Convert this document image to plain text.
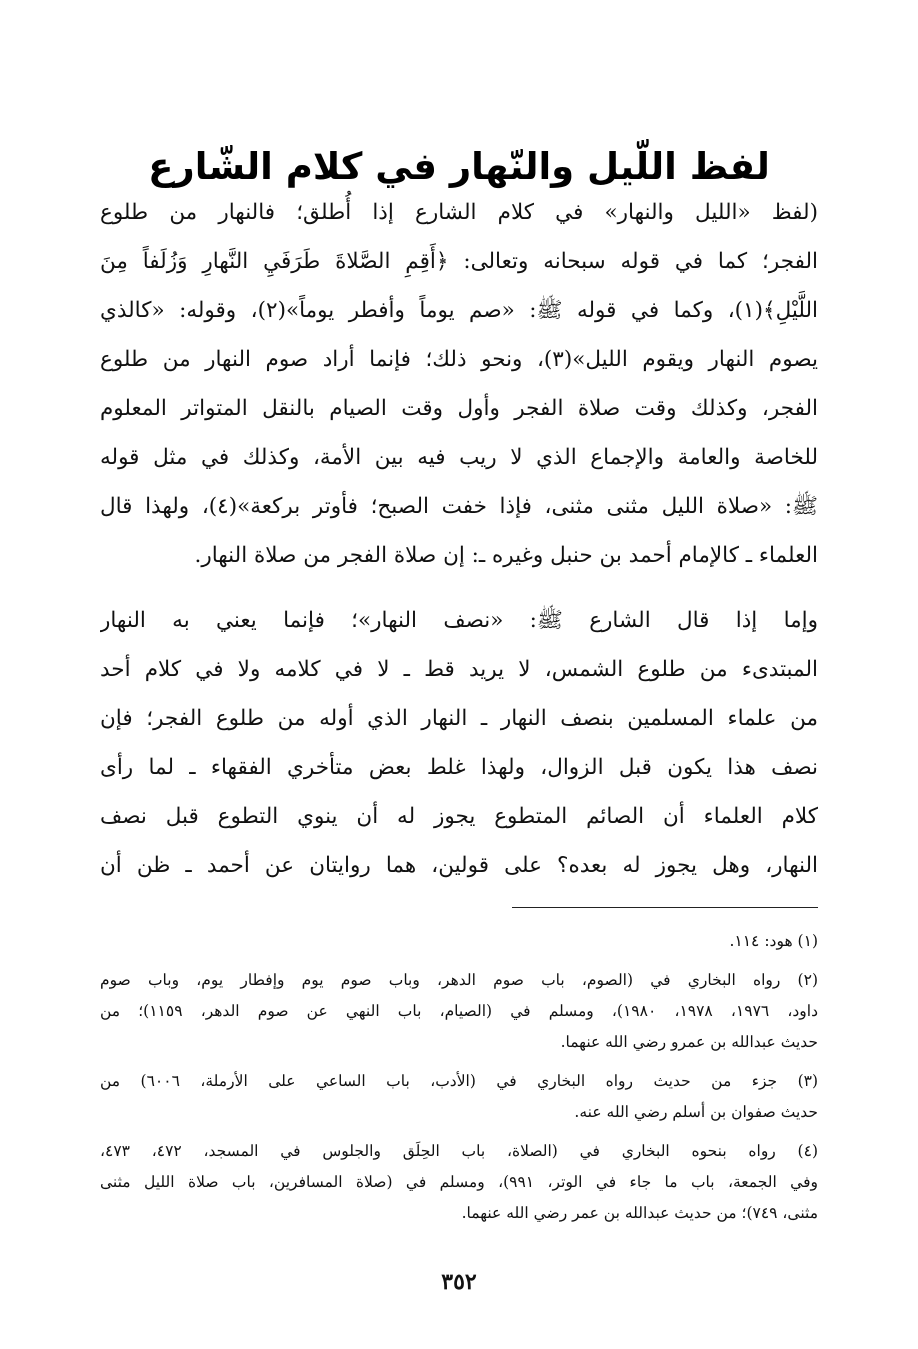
لفظ اللّيل والنّهار في كلام الشّارع

(لفظ «الليل والنهار» في كلام الشارع إذا أُطلق؛ فالنهار من طلوع
الفجر؛ كما في قوله سبحانه وتعالى: ﴿أَقِمِ الصَّلاةَ طَرَفَيِ النَّهارِ وَزُلَفاً مِنَ
اللَّيْلِ﴾(١)، وكما في قوله ﷺ: «صم يوماً وأفطر يوماً»(٢)، وقوله: «كالذي
يصوم النهار ويقوم الليل»(٣)، ونحو ذلك؛ فإنما أراد صوم النهار من طلوع
الفجر، وكذلك وقت صلاة الفجر وأول وقت الصيام بالنقل المتواتر المعلوم
للخاصة والعامة والإجماع الذي لا ريب فيه بين الأمة، وكذلك في مثل قوله
ﷺ: «صلاة الليل مثنى مثنى، فإذا خفت الصبح؛ فأوتر بركعة»(٤)، ولهذا قال
العلماء ـ كالإمام أحمد بن حنبل وغيره ـ: إن صلاة الفجر من صلاة النهار.

وإما إذا قال الشارع ﷺ: «نصف النهار»؛ فإنما يعني به النهار
المبتدىء من طلوع الشمس، لا يريد قط ـ لا في كلامه ولا في كلام أحد
من علماء المسلمين بنصف النهار ـ النهار الذي أوله من طلوع الفجر؛ فإن
نصف هذا يكون قبل الزوال، ولهذا غلط بعض متأخري الفقهاء ـ لما رأى
كلام العلماء أن الصائم المتطوع يجوز له أن ينوي التطوع قبل نصف
النهار، وهل يجوز له بعده؟ على قولين، هما روايتان عن أحمد ـ ظن أن

(١) هود: ١١٤.
(٢) رواه البخاري في (الصوم، باب صوم الدهر، وباب صوم يوم وإفطار يوم، وباب صوم
داود، ١٩٧٦، ١٩٧٨، ١٩٨٠)، ومسلم في (الصيام، باب النهي عن صوم الدهر، ١١٥٩)؛ من
حديث عبدالله بن عمرو رضي الله عنهما.
(٣) جزء من حديث رواه البخاري في (الأدب، باب الساعي على الأرملة، ٦٠٠٦) من
حديث صفوان بن أسلم رضي الله عنه.
(٤) رواه بنحوه البخاري في (الصلاة، باب الحِلَق والجلوس في المسجد، ٤٧٢، ٤٧٣،
وفي الجمعة، باب ما جاء في الوتر، ٩٩١)، ومسلم في (صلاة المسافرين، باب صلاة الليل مثنى
مثنى، ٧٤٩)؛ من حديث عبدالله بن عمر رضي الله عنهما.
٣٥٢
